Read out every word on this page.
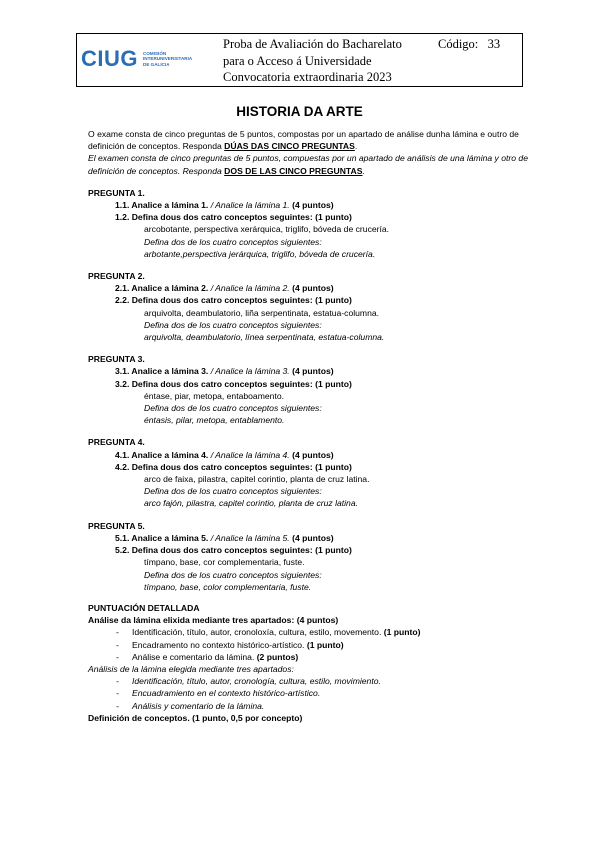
CIUG COMISIÓN
INTERUNIVERSITARIA
DE GALICIA
Proba de Avaliación do Bacharelato
para o Acceso á Universidade
Convocatoria extraordinaria 2023
Código: 33
HISTORIA DA ARTE
O exame consta de cinco preguntas de 5 puntos, compostas por un apartado de análise dunha lámina e outro de definición de conceptos. Responda DÚAS DAS CINCO PREGUNTAS.
El examen consta de cinco preguntas de 5 puntos, compuestas por un apartado de análisis de una lámina y otro de definición de conceptos. Responda DOS DE LAS CINCO PREGUNTAS.
PREGUNTA 1.
1.1. Analice a lámina 1. / Analice la lámina 1. (4 puntos)
1.2. Defina dous dos catro conceptos seguintes: (1 punto)
arcobotante, perspectiva xerárquica, triglifo, bóveda de crucería.
Defina dos de los cuatro conceptos siguientes:
arbotante,perspectiva jerárquica, triglifo, bóveda de crucería.
PREGUNTA 2.
2.1. Analice a lámina 2. / Analice la lámina 2. (4 puntos)
2.2. Defina dous dos catro conceptos seguintes: (1 punto)
arquivolta, deambulatorio, liña serpentinata, estatua-columna.
Defina dos de los cuatro conceptos siguientes:
arquivolta, deambulatorio, línea serpentinata, estatua-columna.
PREGUNTA 3.
3.1. Analice a lámina 3. / Analice la lámina 3. (4 puntos)
3.2. Defina dous dos catro conceptos seguintes: (1 punto)
éntase, piar, metopa, entaboamento.
Defina dos de los cuatro conceptos siguientes:
éntasis, pilar, metopa, entablamento.
PREGUNTA 4.
4.1. Analice a lámina 4. / Analice la lámina 4. (4 puntos)
4.2. Defina dous dos catro conceptos seguintes: (1 punto)
arco de faixa, pilastra, capitel corintio, planta de cruz latina.
Defina dos de los cuatro conceptos siguientes:
arco fajón, pilastra, capitel corintio, planta de cruz latina.
PREGUNTA 5.
5.1. Analice a lámina 5. / Analice la lámina 5. (4 puntos)
5.2. Defina dous dos catro conceptos seguintes: (1 punto)
tímpano, base, cor complementaria, fuste.
Defina dos de los cuatro conceptos siguientes:
tímpano, base, color complementaria, fuste.
PUNTUACIÓN DETALLADA
Análise da lámina elixida mediante tres apartados: (4 puntos)
- Identificación, título, autor, cronoloxía, cultura, estilo, movemento. (1 punto)
- Encadramento no contexto histórico-artístico. (1 punto)
- Análise e comentario da lámina. (2 puntos)
Análisis de la lámina elegida mediante tres apartados:
- Identificación, título, autor, cronología, cultura, estilo, movimiento.
- Encuadramiento en el contexto histórico-artístico.
- Análisis y comentario de la lámina.
Definición de conceptos. (1 punto, 0,5 por concepto)
